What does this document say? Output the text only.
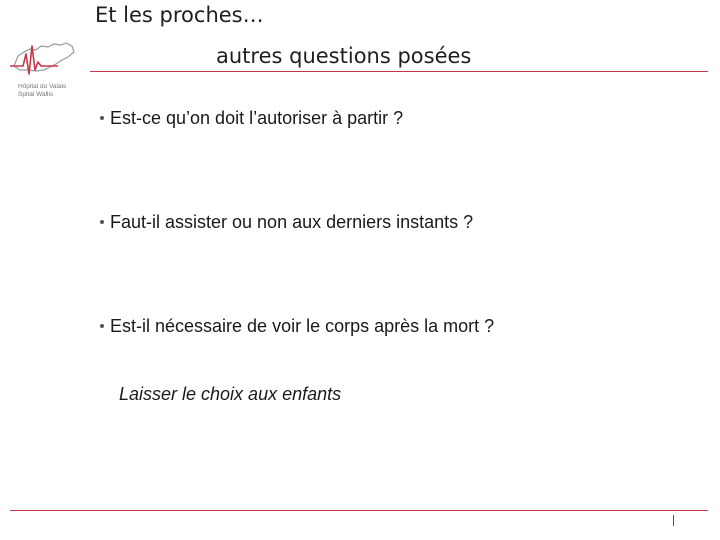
Hôpital du Valais
Spital Wallis
Et les proches…
autres questions posées
Est-ce qu’on doit l’autoriser à partir ?
Faut-il assister ou non aux derniers instants ?
Est-il nécessaire de voir le corps après la mort ?
Laisser le choix aux enfants
